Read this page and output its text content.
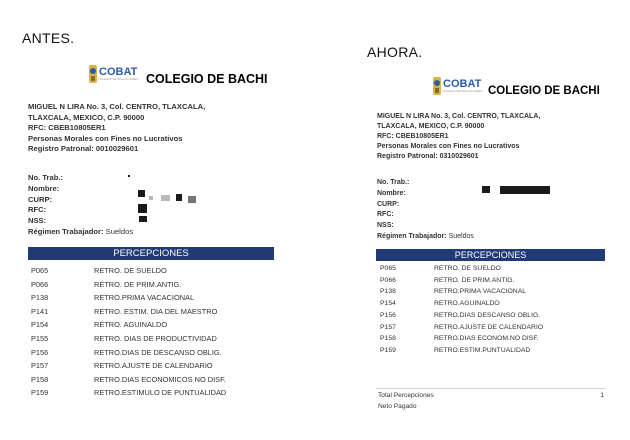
ANTES.
AHORA.
COBAT
COLEGIO DE BACHILLERES COLEGIO DE BACHI
MIGUEL N LIRA No. 3, Col. CENTRO, TLAXCALA,
TLAXCALA, MEXICO, C.P. 90000
RFC: CBEB10805ER1
Personas Morales con Fines no Lucrativos
Registro Patronal: 0010029601
No. Trab.:
Nombre:
CURP:
RFC:
NSS:
Régimen Trabajador: Sueldos
PERCEPCIONES
P065	RETRO. DE SUELDO
P066	RETRO. DE PRIM.ANTIG.
P138	RETRO.PRIMA VACACIONAL
P141	RETRO. ESTIM. DIA DEL MAESTRO
P154	RETRO. AGUINALDO
P155	RETRO. DIAS DE PRODUCTIVIDAD
P156	RETRO.DIAS DE DESCANSO OBLIG.
P157	RETRO.AJUSTE DE CALENDARIO
P158	RETRO.DIAS ECONOMICOS NO DISF.
P159	RETRO.ESTIMULO DE PUNTUALIDAD
COBAT
COLEGIO DE BACHILLERES COLEGIO DE BACHI
MIGUEL N LIRA No. 3, Col. CENTRO, TLAXCALA,
TLAXCALA, MEXICO, C.P. 90000
RFC: CBEB10805ER1
Personas Morales con Fines no Lucrativos
Registro Patronal: 0310029601
No. Trab.:
Nombre:
CURP:
RFC:
NSS:
Régimen Trabajador: Sueldos
PERCEPCIONES
P065	RETRO. DE SUELDO
P066	RETRO. DE PRIM.ANTIG.
P138	RETRO.PRIMA VACACIONAL
P154	RETRO.AGUINALDO
P156	RETRO.DIAS DESCANSO OBLIG.
P157	RETRO.AJUSTE DE CALENDARIO
P158	RETRO.DIAS ECONOM.NO DISF.
P159	RETRO.ESTIM.PUNTUALIDAD
Total Percepciones	1
Neto Pagado
